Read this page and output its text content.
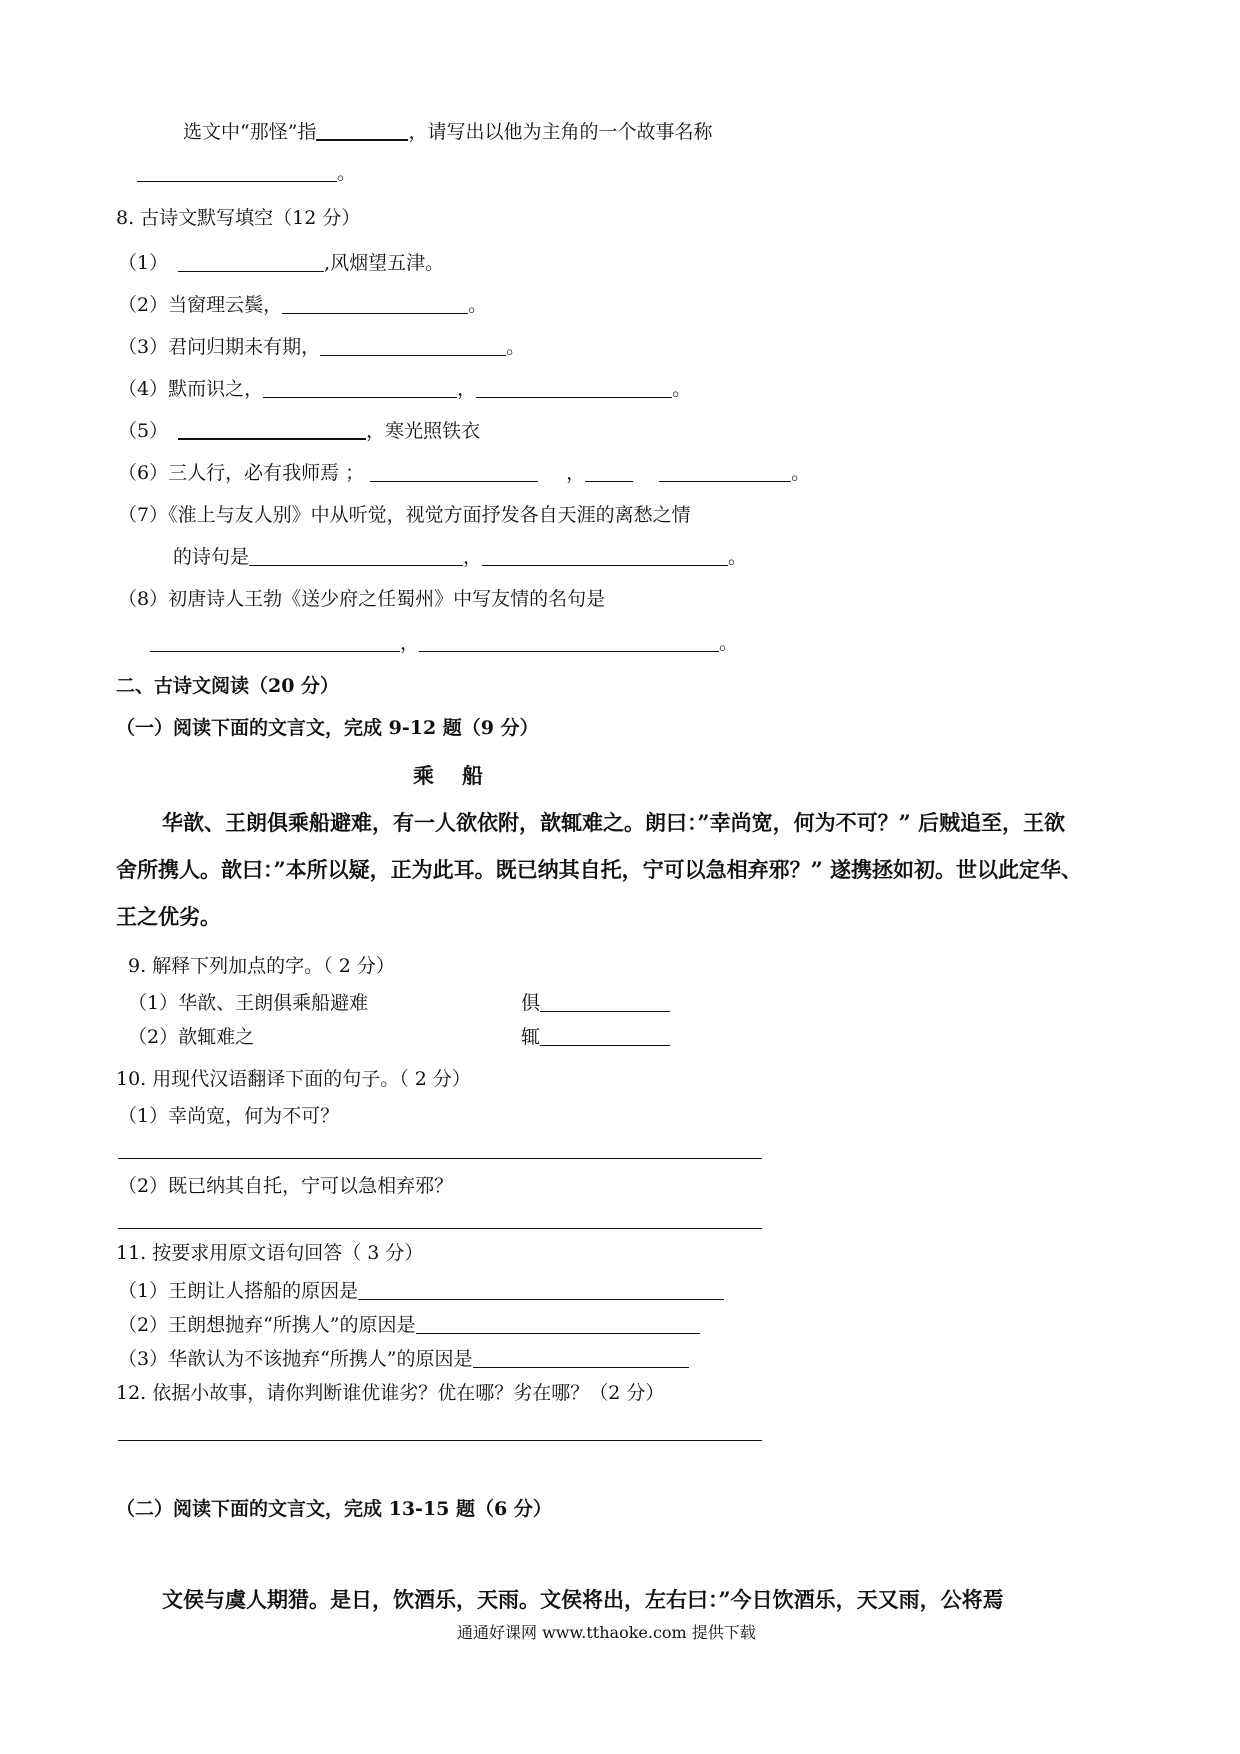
选文中“那怪”指	，请写出以他为主角的一个故事名称
。
8. 古诗文默写填空（12 分）
（1）	,风烟望五津。
（2）当窗理云鬓，	。
（3）君问归期未有期，	。
（4）默而识之，	，	。
（5）	，寒光照铁衣
（6）三人行，必有我师焉 ；	，	。
（7）《淮上与友人别》中从听觉，视觉方面抒发各自天涯的离愁之情
的诗句是	，	。
（8）初唐诗人王勃《送少府之任蜀州》中写友情的名句是
，	。
二、古诗文阅读（20 分）
（一）阅读下面的文言文，完成 9-12 题（9 分）
乘船
华歆、王朗俱乘船避难，有一人欲依附，歆辄难之。朗曰：”幸尚宽，何为不可？” 后贼追至，王欲
舍所携人。歆曰：”本所以疑，正为此耳。既已纳其自托，宁可以急相弃邪？” 遂携拯如初。世以此定华、
王之优劣。
9. 解释下列加点的字。（ 2 分）
（1）华歆、王朗俱乘船避难	俱
（2）歆辄难之	辄
10. 用现代汉语翻译下面的句子。（ 2 分）
（1）幸尚宽，何为不可？
（2）既已纳其自托，宁可以急相弃邪？
11. 按要求用原文语句回答（ 3 分）
（1）王朗让人搭船的原因是
（2）王朗想抛弃“所携人”的原因是
（3）华歆认为不该抛弃“所携人”的原因是
12. 依据小故事，请你判断谁优谁劣？优在哪？劣在哪？（2 分）
（二）阅读下面的文言文，完成 13-15 题（6 分）
文侯与虞人期猎。是日，饮酒乐，天雨。文侯将出，左右曰：”今日饮酒乐，天又雨，公将焉
通通好课网 www.tthaoke.com 提供下载
